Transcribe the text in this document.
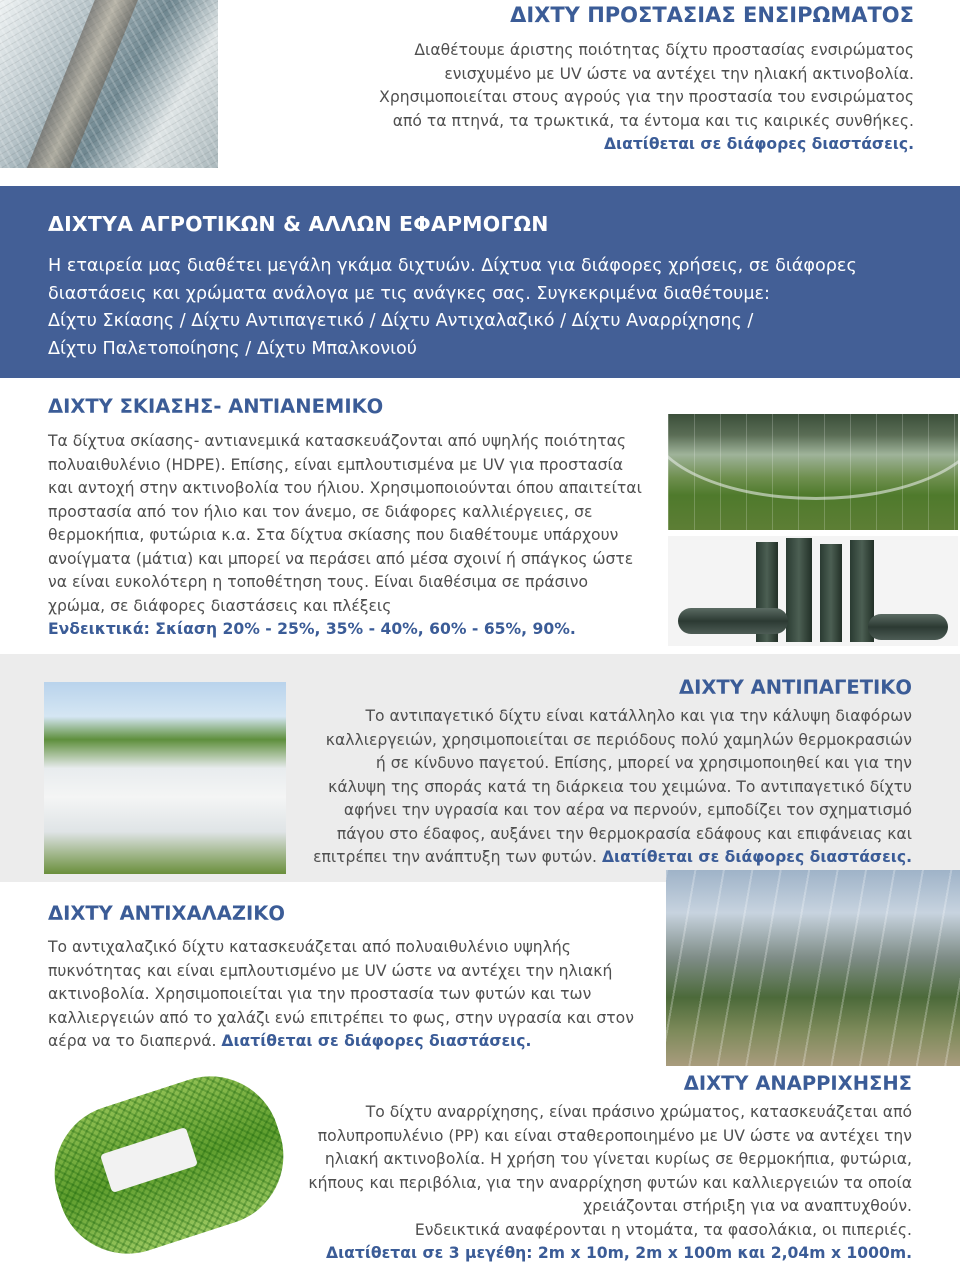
ΔΙΧΤΥ ΠΡΟΣΤΑΣΙΑΣ ΕΝΣΙΡΩΜΑΤΟΣ
Διαθέτουμε άριστης ποιότητας δίχτυ προστασίας ενσιρώματος
ενισχυμένο με UV ώστε να αντέχει την ηλιακή ακτινοβολία.
Χρησιμοποιείται στους αγρούς για την προστασία του ενσιρώματος
από τα πτηνά, τα τρωκτικά, τα έντομα και τις καιρικές συνθήκες.
Διατίθεται σε διάφορες διαστάσεις.
ΔΙΧΤΥΑ ΑΓΡΟΤΙΚΩΝ & ΑΛΛΩΝ ΕΦΑΡΜΟΓΩΝ
Η εταιρεία μας διαθέτει μεγάλη γκάμα διχτυών. Δίχτυα για διάφορες χρήσεις, σε διάφορες
διαστάσεις και χρώματα ανάλογα με τις ανάγκες σας. Συγκεκριμένα διαθέτουμε:
Δίχτυ Σκίασης / Δίχτυ Αντιπαγετικό / Δίχτυ Αντιχαλαζικό / Δίχτυ Αναρρίχησης /
Δίχτυ Παλετοποίησης / Δίχτυ Μπαλκονιού
ΔΙΧΤΥ ΣΚΙΑΣΗΣ- ΑΝΤΙΑΝΕΜΙΚΟ
Τα δίχτυα σκίασης- αντιανεμικά κατασκευάζονται από υψηλής ποιότητας
πολυαιθυλένιο (HDPE). Επίσης, είναι εμπλουτισμένα με UV για προστασία
και αντοχή στην ακτινοβολία του ήλιου. Χρησιμοποιούνται όπου απαιτείται
προστασία από τον ήλιο και τον άνεμο, σε διάφορες καλλιέργειες, σε
θερμοκήπια, φυτώρια κ.α. Στα δίχτυα σκίασης που διαθέτουμε υπάρχουν
ανοίγματα (μάτια) και μπορεί να περάσει από μέσα σχοινί ή σπάγκος ώστε
να είναι ευκολότερη η τοποθέτηση τους. Είναι διαθέσιμα σε πράσινο
χρώμα, σε διάφορες διαστάσεις και πλέξεις
Ενδεικτικά: Σκίαση 20% - 25%, 35% - 40%, 60% - 65%, 90%.
ΔΙΧΤΥ ΑΝΤΙΠΑΓΕΤΙΚΟ
Το αντιπαγετικό δίχτυ είναι κατάλληλο και για την κάλυψη διαφόρων
καλλιεργειών, χρησιμοποιείται σε περιόδους πολύ χαμηλών θερμοκρασιών
ή σε κίνδυνο παγετού. Επίσης, μπορεί να χρησιμοποιηθεί και για την
κάλυψη της σποράς κατά τη διάρκεια του χειμώνα. Το αντιπαγετικό δίχτυ
αφήνει την υγρασία και τον αέρα να περνούν, εμποδίζει τον σχηματισμό
πάγου στο έδαφος, αυξάνει την θερμοκρασία εδάφους και επιφάνειας και
επιτρέπει την ανάπτυξη των φυτών. Διατίθεται σε διάφορες διαστάσεις.
ΔΙΧΤΥ ΑΝΤΙΧΑΛΑΖΙΚΟ
Το αντιχαλαζικό δίχτυ κατασκευάζεται από πολυαιθυλένιο υψηλής
πυκνότητας και είναι εμπλουτισμένο με UV ώστε να αντέχει την ηλιακή
ακτινοβολία. Χρησιμοποιείται για την προστασία των φυτών και των
καλλιεργειών από το χαλάζι ενώ επιτρέπει το φως, στην υγρασία και στον
αέρα να το διαπερνά. Διατίθεται σε διάφορες διαστάσεις.
ΔΙΧΤΥ ΑΝΑΡΡΙΧΗΣΗΣ
Το δίχτυ αναρρίχησης, είναι πράσινο χρώματος, κατασκευάζεται από
πολυπροπυλένιο (PP) και είναι σταθεροποιημένο με UV ώστε να αντέχει την
ηλιακή ακτινοβολία. Η χρήση του γίνεται κυρίως σε θερμοκήπια, φυτώρια,
κήπους και περιβόλια, για την αναρρίχηση φυτών και καλλιεργειών τα οποία
χρειάζονται στήριξη για να αναπτυχθούν.
Ενδεικτικά αναφέρονται η ντομάτα, τα φασολάκια, οι πιπεριές.
Διατίθεται σε 3 μεγέθη: 2m x 10m, 2m x 100m και 2,04m x 1000m.
